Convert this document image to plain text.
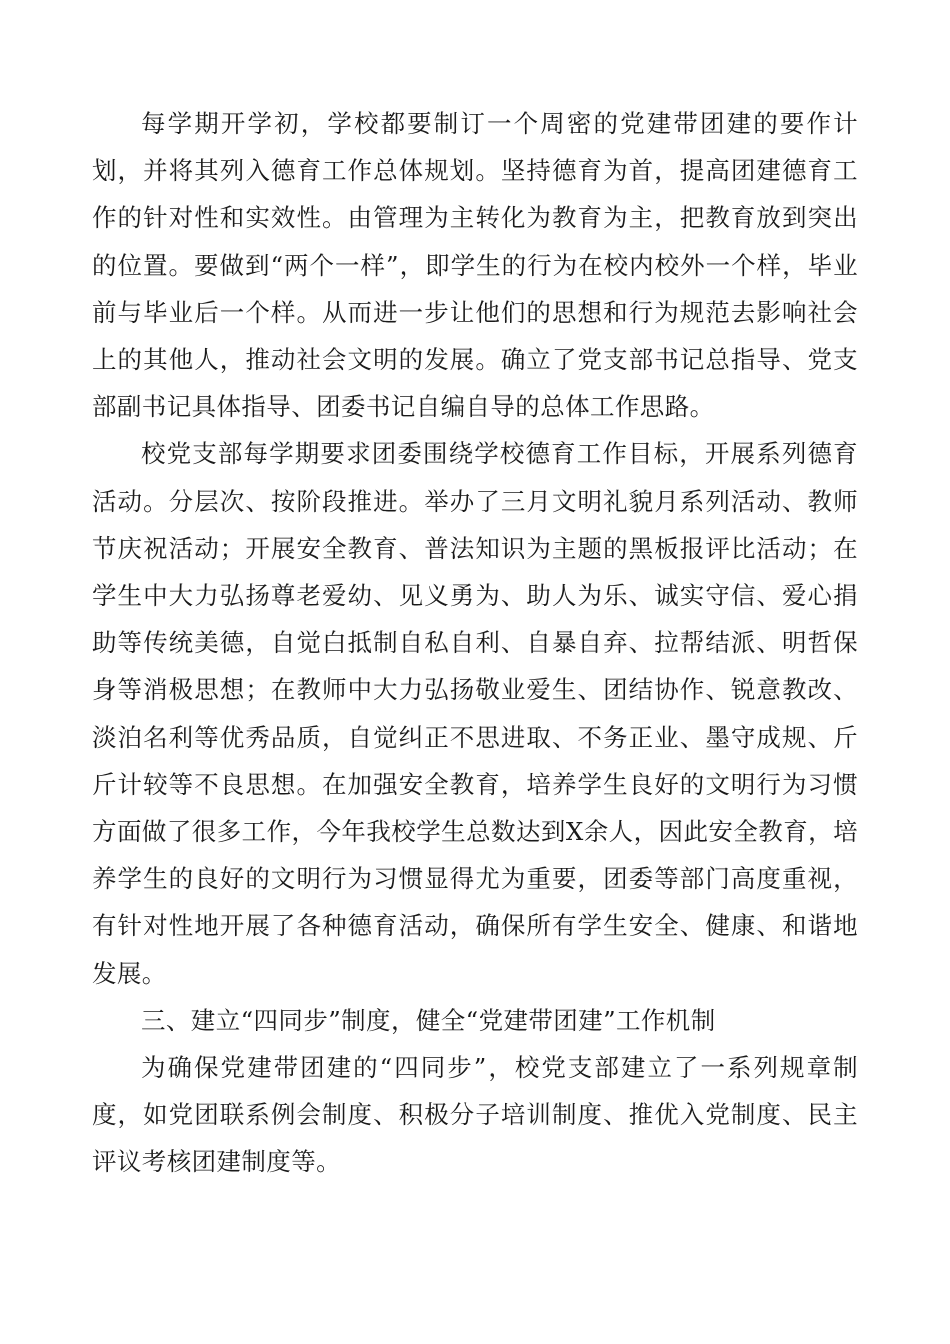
每学期开学初，学校都要制订一个周密的党建带团建的要作计划，并将其列入德育工作总体规划。坚持德育为首，提高团建德育工作的针对性和实效性。由管理为主转化为教育为主，把教育放到突出的位置。要做到“两个一样”，即学生的行为在校内校外一个样，毕业前与毕业后一个样。从而进一步让他们的思想和行为规范去影响社会上的其他人，推动社会文明的发展。确立了党支部书记总指导、党支部副书记具体指导、团委书记自编自导的总体工作思路。

校党支部每学期要求团委围绕学校德育工作目标，开展系列德育活动。分层次、按阶段推进。举办了三月文明礼貌月系列活动、教师节庆祝活动；开展安全教育、普法知识为主题的黑板报评比活动；在学生中大力弘扬尊老爱幼、见义勇为、助人为乐、诚实守信、爱心捐助等传统美德，自觉白抵制自私自利、自暴自弃、拉帮结派、明哲保身等消极思想；在教师中大力弘扬敬业爱生、团结协作、锐意教改、淡泊名利等优秀品质，自觉纠正不思进取、不务正业、墨守成规、斤斤计较等不良思想。在加强安全教育，培养学生良好的文明行为习惯方面做了很多工作，今年我校学生总数达到X余人，因此安全教育，培养学生的良好的文明行为习惯显得尤为重要，团委等部门高度重视，有针对性地开展了各种德育活动，确保所有学生安全、健康、和谐地发展。

三、建立“四同步”制度，健全“党建带团建”工作机制

为确保党建带团建的“四同步”，校党支部建立了一系列规章制度，如党团联系例会制度、积极分子培训制度、推优入党制度、民主评议考核团建制度等。
